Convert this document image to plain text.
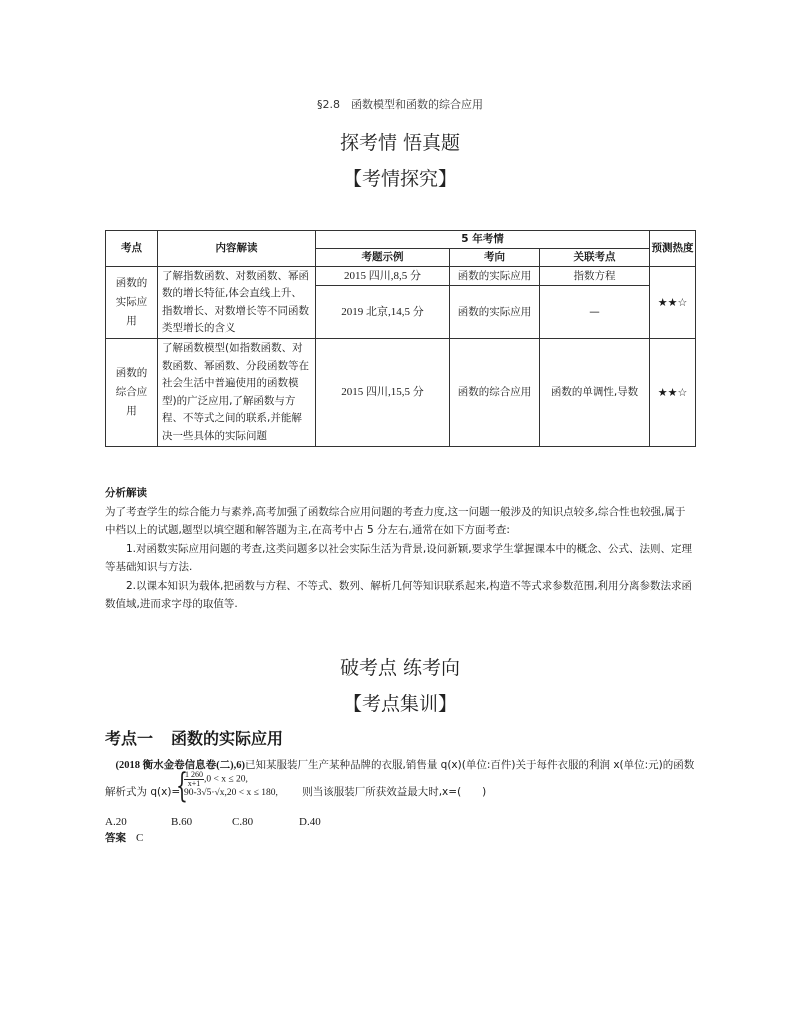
§2.8　函数模型和函数的综合应用
探考情 悟真题
【考情探究】
考点	内容解读	5 年考情			预测热度
		考题示例	考向	关联考点	
函数的实际应用	了解指数函数、对数函数、幂函数的增长特征,体会直线上升、指数增长、对数增长等不同函数类型增长的含义	2015 四川,8,5 分	函数的实际应用	指数方程	★★☆
		2019 北京,14,5 分	函数的实际应用	—	
函数的综合应用	了解函数模型(如指数函数、对数函数、幂函数、分段函数等在社会生活中普遍使用的函数模型)的广泛应用,了解函数与方程、不等式之间的联系,并能解决一些具体的实际问题	2015 四川,15,5 分	函数的综合应用	函数的单调性,导数	★★☆

分析解读

为了考查学生的综合能力与素养,高考加强了函数综合应用问题的考查力度,这一问题一般涉及的知识点较多,综合性也较强,属于中档以上的试题,题型以填空题和解答题为主,在高考中占 5 分左右,通常在如下方面考查:

1.对函数实际应用问题的考查,这类问题多以社会实际生活为背景,设问新颖,要求学生掌握课本中的概念、公式、法则、定理等基础知识与方法.

2.以课本知识为载体,把函数与方程、不等式、数列、解析几何等知识联系起来,构造不等式求参数范围,利用分离参数法求函数值域,进而求字母的取值等.

破考点 练考向
【考点集训】
考点一 函数的实际应用
(2018 衡水金卷信息卷(二),6)已知某服装厂生产某种品牌的衣服,销售量 q(x)(单位:百件)关于每件衣服的利润 x(单位:元)的函数
解析式为 q(x)=	则当该服装厂所获效益最大时,x=(　　)
A.20	B.60	C.80	D.40
{
$\frac{1 260}{x+1} ,0 < x \le 20$,
90-3√5·√x,20 < x ≤ 180,
答案 C
